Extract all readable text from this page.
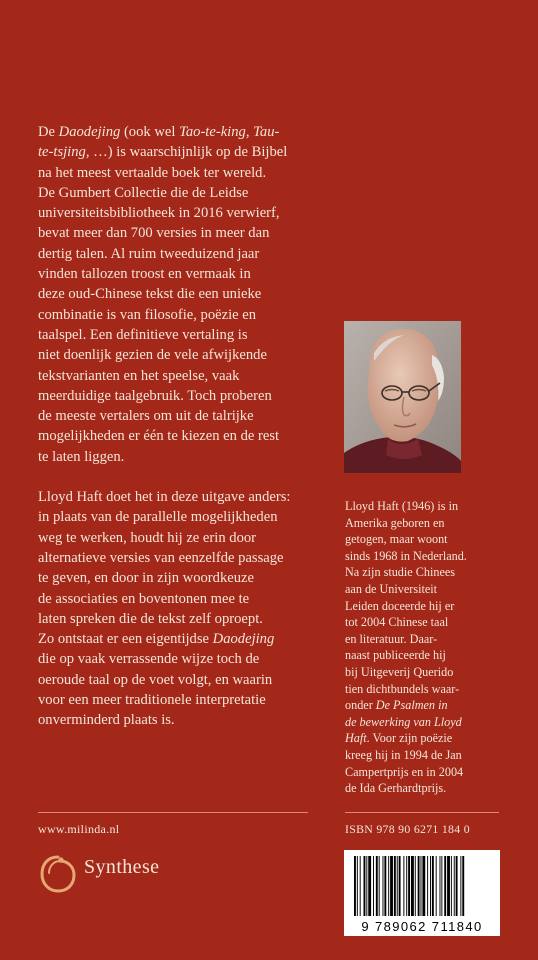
De Daodejing (ook wel Tao-te-king, Tau-
te-tsjing, …) is waarschijnlijk op de Bijbel
na het meest vertaalde boek ter wereld.
De Gumbert Collectie die de Leidse
universiteitsbibliotheek in 2016 verwierf,
bevat meer dan 700 versies in meer dan
dertig talen. Al ruim tweeduizend jaar
vinden tallozen troost en vermaak in
deze oud-Chinese tekst die een unieke
combinatie is van filosofie, poëzie en
taalspel. Een definitieve vertaling is
niet doenlijk gezien de vele afwijkende
tekstvarianten en het speelse, vaak
meerduidige taalgebruik. Toch proberen
de meeste vertalers om uit de talrijke
mogelijkheden er één te kiezen en de rest
te laten liggen.

Lloyd Haft doet het in deze uitgave anders:
in plaats van de parallelle mogelijkheden
weg te werken, houdt hij ze erin door
alternatieve versies van eenzelfde passage
te geven, en door in zijn woordkeuze
de associaties en boventonen mee te
laten spreken die de tekst zelf oproept.
Zo ontstaat er een eigentijdse Daodejing
die op vaak verrassende wijze toch de
oeroude taal op de voet volgt, en waarin
voor een meer traditionele interpretatie
onverminderd plaats is.

Lloyd Haft (1946) is in
Amerika geboren en
getogen, maar woont
sinds 1968 in Nederland.
Na zijn studie Chinees
aan de Universiteit
Leiden doceerde hij er
tot 2004 Chinese taal
en literatuur. Daar-
naast publiceerde hij
bij Uitgeverij Querido
tien dichtbundels waar-
onder De Psalmen in
de bewerking van Lloyd
Haft. Voor zijn poëzie
kreeg hij in 1994 de Jan
Campertprijs en in 2004
de Ida Gerhardtprijs.
www.milinda.nl	ISBN 978 90 6271 184 0
Synthese
9 789062 711840
